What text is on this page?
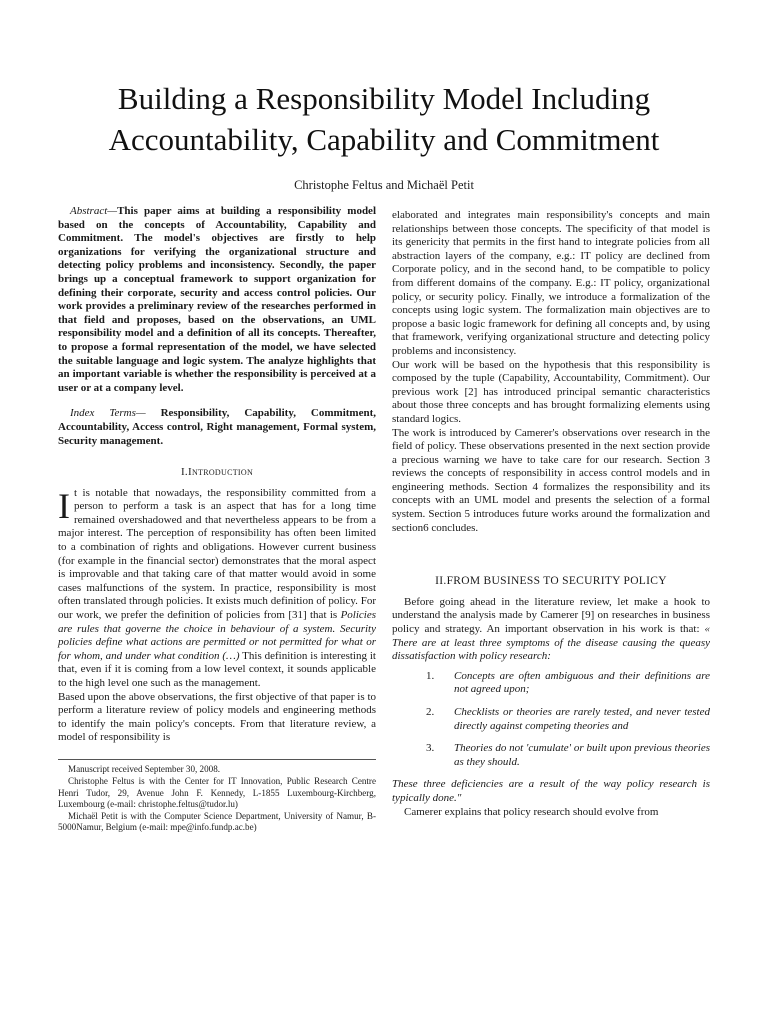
Building a Responsibility Model Including
Accountability, Capability and Commitment
Christophe Feltus and Michaël Petit

Abstract—This paper aims at building a responsibility model based on the concepts of Accountability, Capability and Commitment. The model's objectives are firstly to help organizations for verifying the organizational structure and detecting policy problems and inconsistency. Secondly, the paper brings up a conceptual framework to support organization for defining their corporate, security and access control policies. Our work provides a preliminary review of the researches performed in that field and proposes, based on the observations, an UML responsibility model and a definition of all its concepts. Thereafter, to propose a formal representation of the model, we have selected the suitable language and logic system. The analyze highlights that an important variable is whether the responsibility is perceived at a user or at a company level.

Index Terms— Responsibility, Capability, Commitment, Accountability, Access control, Right management, Formal system, Security management.

I.Introduction

It is notable that nowadays, the responsibility committed from a person to perform a task is an aspect that has for a long time remained overshadowed and that nevertheless appears to be from a major interest. The perception of responsibility has often been limited to a combination of rights and obligations. However current business (for example in the financial sector) demonstrates that the moral aspect is improvable and that taking care of that matter would avoid in some cases malfunctions of the system. In practice, responsibility is most often translated through policies. It exists much definition of policy. For our work, we prefer the definition of policies from [31] that is Policies are rules that governe the choice in behaviour of a system. Security policies define what actions are permitted or not permitted for what or for whom, and under what condition (…) This definition is interesting it that, even if it is coming from a low level context, it sounds applicable to the high level one such as the management.

Based upon the above observations, the first objective of that paper is to perform a literature review of policy models and engineering methods to identify the main policy's concepts. From that literature review, a model of responsibility is

Manuscript received September 30, 2008.

Christophe Feltus is with the Center for IT Innovation, Public Research Centre Henri Tudor, 29, Avenue John F. Kennedy, L-1855 Luxembourg-Kirchberg, Luxembourg (e-mail: christophe.feltus@tudor.lu)

Michaël Petit is with the Computer Science Department, University of Namur, B-5000Namur, Belgium (e-mail: mpe@info.fundp.ac.be)

elaborated and integrates main responsibility's concepts and main relationships between those concepts. The specificity of that model is its genericity that permits in the first hand to integrate policies from all abstraction layers of the company, e.g.: IT policy are declined from Corporate policy, and in the second hand, to be compatible to policy from different domains of the company. E.g.: IT policy, organizational policy, or security policy. Finally, we introduce a formalization of the concepts using logic system. The formalization main objectives are to propose a basic logic framework for defining all concepts and, by using that framework, verifying organizational structure and detecting policy problems and inconsistency.

Our work will be based on the hypothesis that this responsibility is composed by the tuple (Capability, Accountability, Commitment). Our previous work [2] has introduced principal semantic characteristics about those three concepts and has brought formalizing elements using standard logics.

The work is introduced by Camerer's observations over research in the field of policy. These observations presented in the next section provide a precious warning we have to take care for our research. Section 3 reviews the concepts of responsibility in access control models and in engineering methods. Section 4 formalizes the responsibility and its concepts with an UML model and presents the selection of a formal system. Section 5 introduces future works around the formalization and section6 concludes.

II.FROM BUSINESS TO SECURITY POLICY

Before going ahead in the literature review, let make a hook to understand the analysis made by Camerer [9] on researches in business policy and strategy. An important observation in his work is that: « There are at least three symptoms of the disease causing the queasy dissatisfaction with policy research:

1. Concepts are often ambiguous and their definitions are not agreed upon;
2. Checklists or theories are rarely tested, and never tested directly against competing theories and
3. Theories do not 'cumulate' or built upon previous theories as they should.

These three deficiencies are a result of the way policy research is typically done."

Camerer explains that policy research should evolve from
